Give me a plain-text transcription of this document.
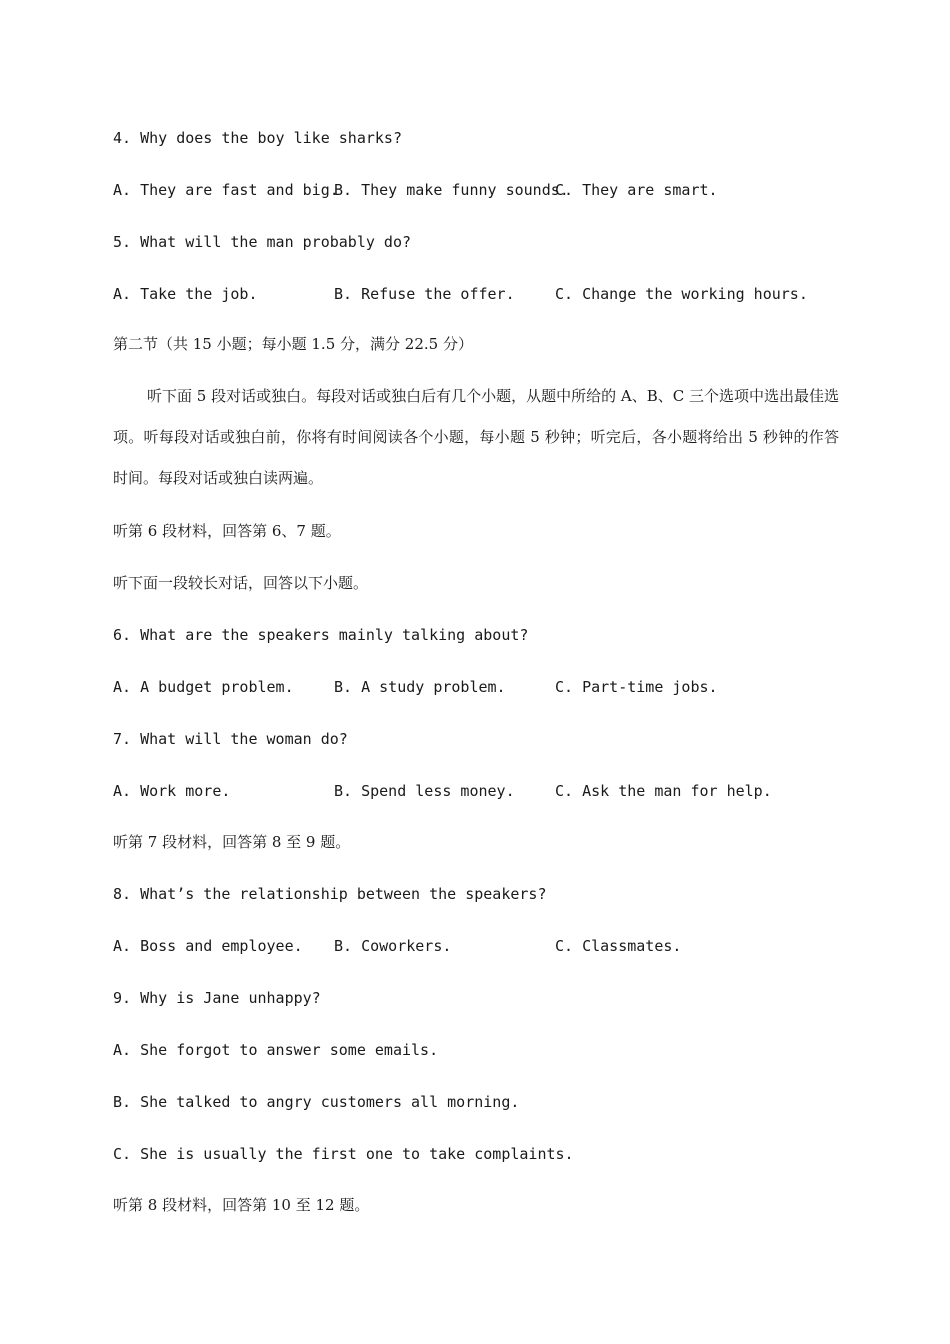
4. Why does the boy like sharks?
A. They are fast and big.
B. They make funny sounds.
C. They are smart.
5. What will the man probably do?
A. Take the job.	B. Refuse the offer.	C. Change the working hours.
第二节（共 15 小题；每小题 1.5 分，满分 22.5 分）
听下面 5 段对话或独白。每段对话或独白后有几个小题，从题中所给的 A、B、C 三个选项中选出最佳选项。听每段对话或独白前，你将有时间阅读各个小题，每小题 5 秒钟；听完后，各小题将给出 5 秒钟的作答时间。每段对话或独白读两遍。
听第 6 段材料，回答第 6、7 题。
听下面一段较长对话，回答以下小题。
6. What are the speakers mainly talking about?
A. A budget problem.	B. A study problem.	C. Part-time jobs.
7. What will the woman do?
A. Work more.	B. Spend less money.	C. Ask the man for help.
听第 7 段材料，回答第 8 至 9 题。
8. What’s the relationship between the speakers?
A. Boss and employee. B. Coworkers.	C. Classmates.
9. Why is Jane unhappy?
A. She forgot to answer some emails.
B. She talked to angry customers all morning.
C. She is usually the first one to take complaints.
听第 8 段材料，回答第 10 至 12 题。
